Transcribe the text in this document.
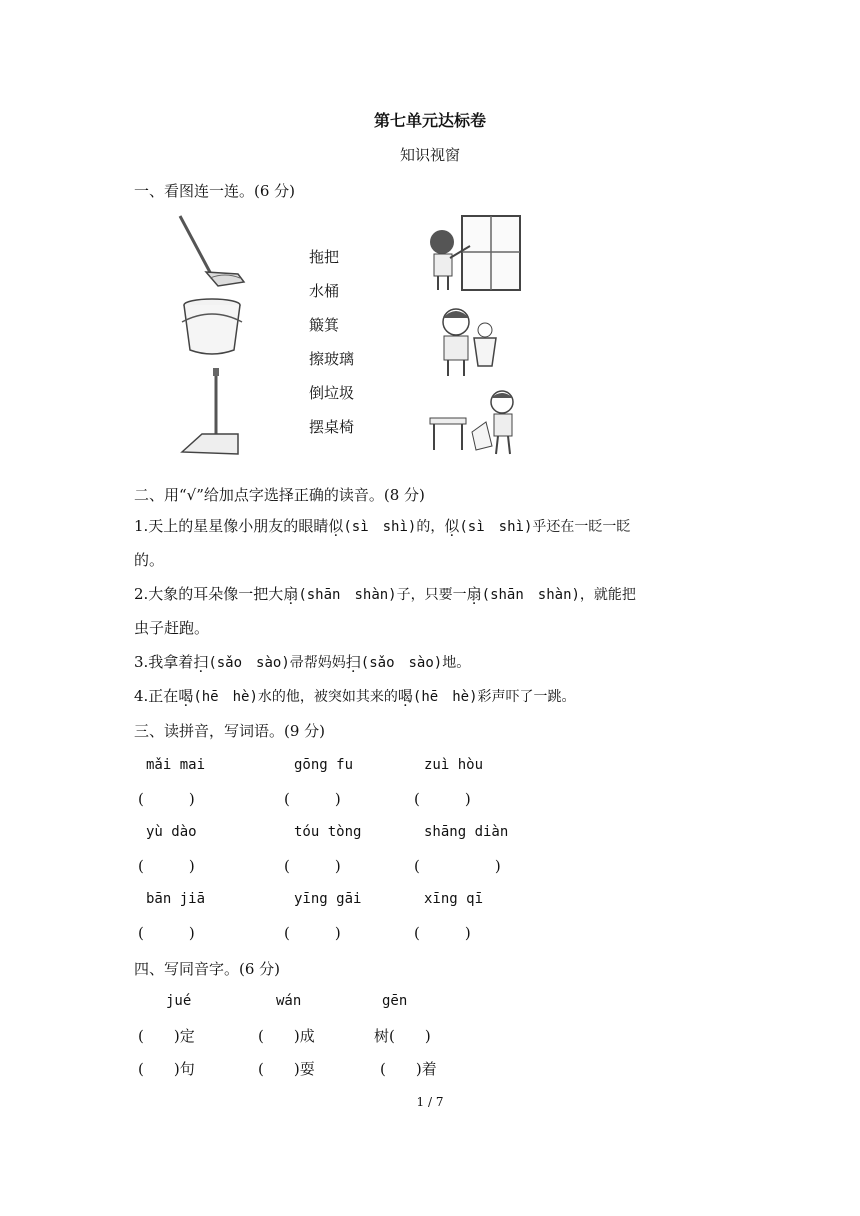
第七单元达标卷
知识视窗
一、看图连一连。(6 分)
拖把
水桶
簸箕
擦玻璃
倒垃圾
摆桌椅
二、用“√”给加点字选择正确的读音。(8 分)
1.天上的星星像小朋友的眼睛似(sì　shì)的，似(sì　shì)乎还在一眨一眨
的。
2.大象的耳朵像一把大扇(shān　shàn)子，只要一扇(shān　shàn)，就能把
虫子赶跑。
3.我拿着扫(sǎo　sào)帚帮妈妈扫(sǎo　sào)地。
4.正在喝(hē　hè)水的他，被突如其来的喝(hē　hè)彩声吓了一跳。
三、读拼音，写词语。(9 分)
mǎi mai	gōng fu	zuì hòu
(　　　)	(　　　)	(　　　)
yù dào	tóu tòng	shāng diàn
(　　　)	(　　　)	(　　　　　)
bān jiā	yīng gāi	xīng qī
(　　　)	(　　　)	(　　　)
四、写同音字。(6 分)
jué	wán	gēn
(　　)定	(　　)成	树(　　)
(　　)句	(　　)耍	(　　)着
1 / 7
